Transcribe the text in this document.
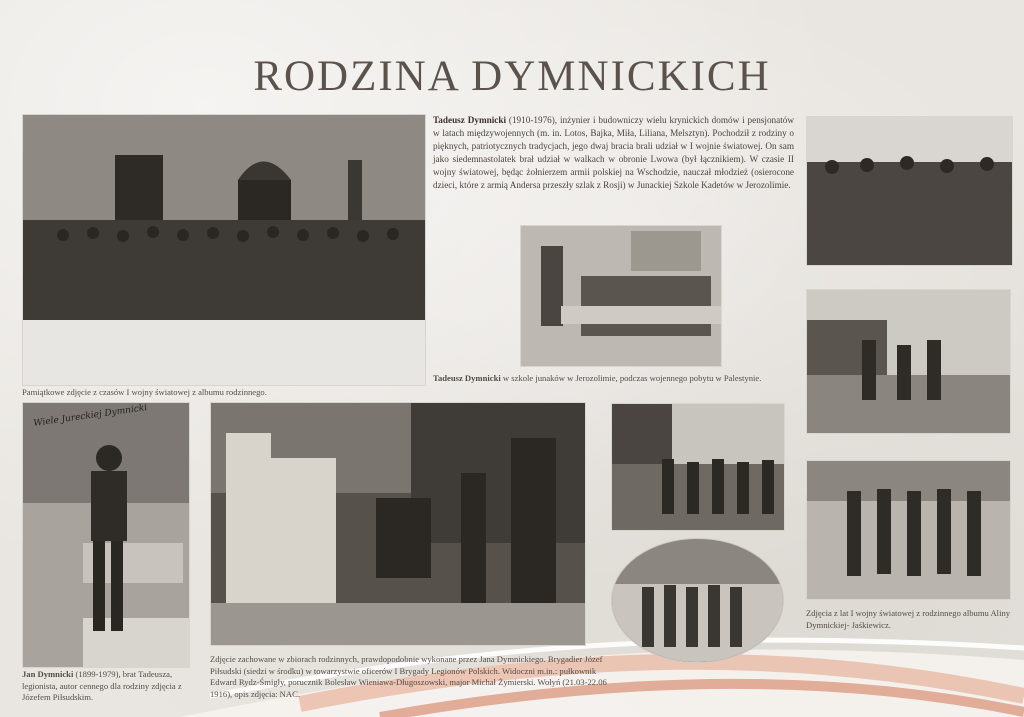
RODZINA DYMNICKICH
Tadeusz Dymnicki (1910-1976), inżynier i budowniczy wielu krynickich domów i pensjonatów w latach międzywojennych (m. in. Lotos, Bajka, Miła, Liliana, Melsztyn). Pochodził z rodziny o pięknych, patriotycznych tradycjach, jego dwaj bracia brali udział w I wojnie światowej. On sam jako siedemnastolatek brał udział w walkach w obronie Lwowa (był łącznikiem). W czasie II wojny światowej, będąc żołnierzem armii polskiej na Wschodzie, nauczał młodzież (osierocone dzieci, które z armią Andersa przeszły szlak z Rosji) w Junackiej Szkole Kadetów w Jerozolimie.
Tadeusz Dymnicki w szkole junaków w Jerozolimie, podczas wojennego pobytu w Palestynie.
Pamiątkowe zdjęcie z czasów I wojny światowej z albumu rodzinnego.
Zdjęcia z lat I wojny światowej z rodzinnego albumu Aliny Dymnickiej- Jaśkiewicz.
Wiele Jureckiej Dymnicki
Jan Dymnicki (1899-1979), brat Tadeusza, legionista, autor cennego dla rodziny zdjęcia z Józefem Piłsudskim.
Zdjęcie zachowane w zbiorach rodzinnych, prawdopodobnie wykonane przez Jana Dymnickiego. Brygadier Józef Piłsudski (siedzi w środku) w towarzystwie oficerów I Brygady Legionów Polskich. Widoczni m.in.: pułkownik Edward Rydz-Śmigły, porucznik Bolesław Wieniawa-Długoszowski, major Michał Żymierski. Wołyń (21.03-22.06 1916), opis zdjęcia: NAC.
